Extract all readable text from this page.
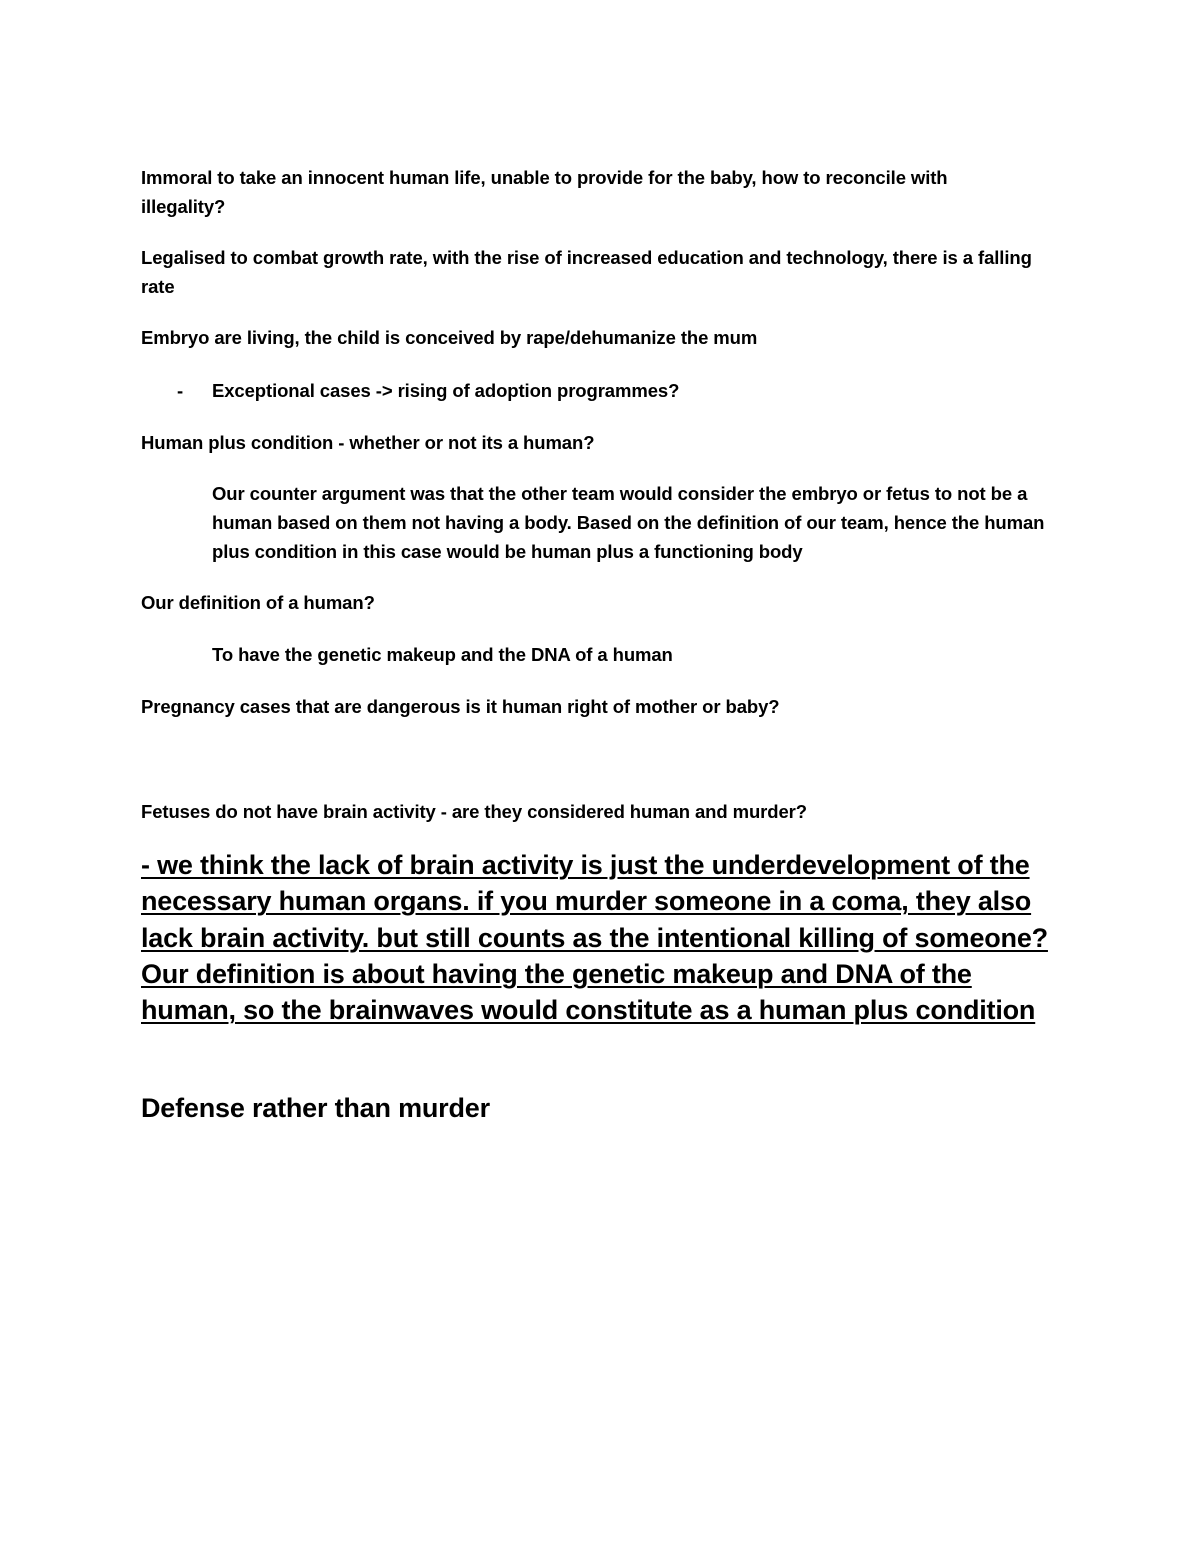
Immoral to take an innocent human life, unable to provide for the baby, how to reconcile with illegality?

Legalised to combat growth rate, with the rise of increased education and technology, there is a falling rate

Embryo are living, the child is conceived by rape/dehumanize the mum

- Exceptional cases -> rising of adoption programmes?

Human plus condition - whether or not its a human?

Our counter argument was that the other team would consider the embryo or fetus to not be a human based on them not having a body. Based on the definition of our team, hence the human plus condition in this case would be human plus a functioning body

Our definition of a human?

To have the genetic makeup and the DNA of a human

Pregnancy cases that are dangerous is it human right of mother or baby?

Fetuses do not have brain activity - are they considered human and murder?

- we think the lack of brain activity is just the underdevelopment of the necessary human organs. if you murder someone in a coma, they also lack brain activity. but still counts as the intentional killing of someone? Our definition is about having the genetic makeup and DNA of the human, so the brainwaves would constitute as a human plus condition

Defense rather than murder
